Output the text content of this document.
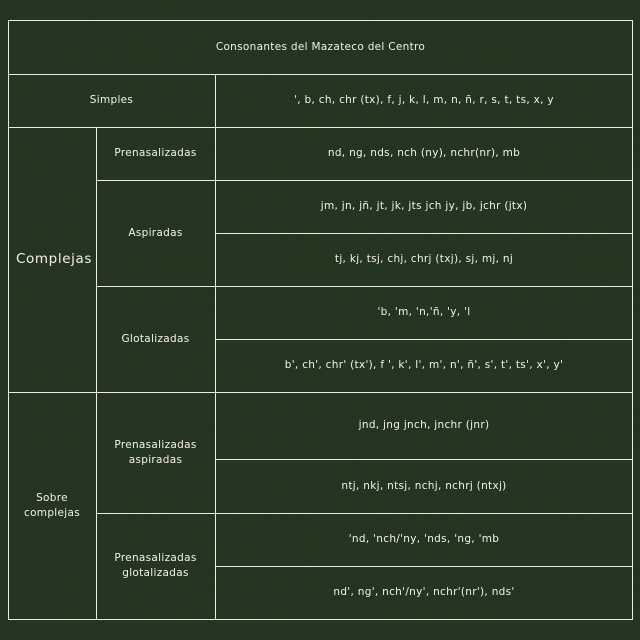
Consonantes del Mazateco del Centro
Simples	', b, ch, chr (tx), f, j, k, l, m, n, ñ, r, s, t, ts, x, y
Complejas
Prenasalizadas	nd, ng, nds, nch (ny), nchr(nr), mb
Aspiradas
jm, jn, jñ, jt, jk, jts jch jy, jb, jchr (jtx)
tj, kj, tsj, chj, chrj (txj), sj, mj, nj
Glotalizadas
'b, 'm, 'n,'ñ, 'y, 'l
b', ch', chr' (tx'), f ', k', l', m', n', ñ', s', t', ts', x', y'
Sobre
complejas
Prenasalizadas
aspiradas
jnd, jng jnch, jnchr (jnr)
ntj, nkj, ntsj, nchj, nchrj (ntxj)
Prenasalizadas
glotalizadas
'nd, 'nch/'ny, 'nds, 'ng, 'mb
nd', ng', nch'/ny', nchr'(nr'), nds'
